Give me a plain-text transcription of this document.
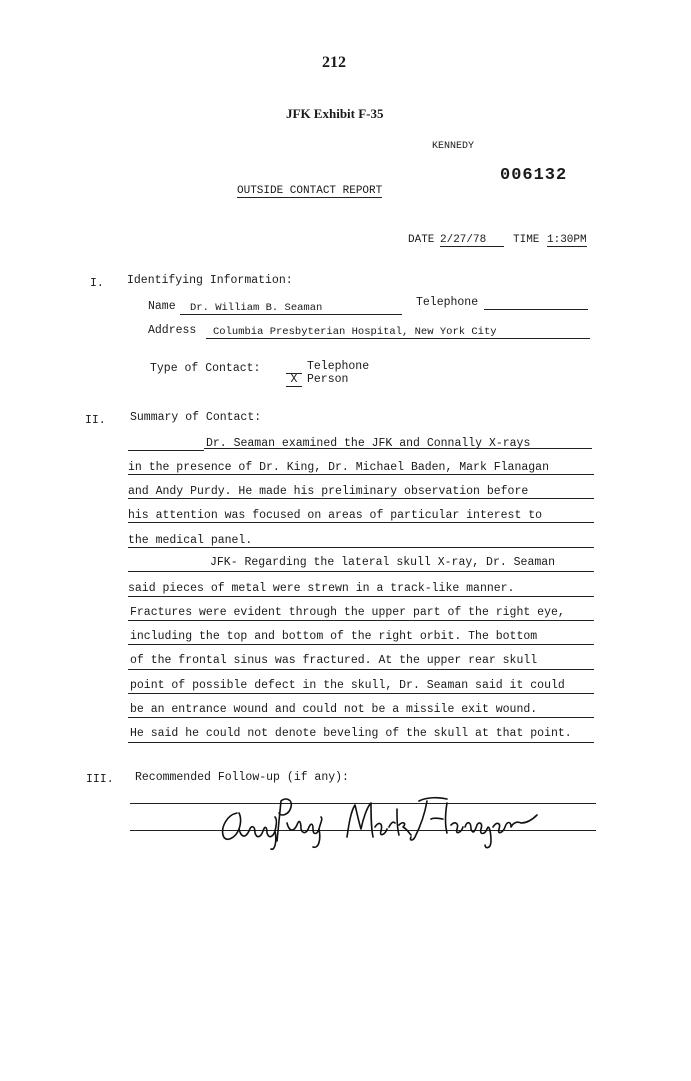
212
JFK Exhibit F-35
KENNEDY
006132
OUTSIDE CONTACT REPORT
DATE 2/27/78	TIME 1:30PM
I. Identifying Information:
Name Dr. William B. Seaman	Telephone
Address Columbia Presbyterian Hospital, New York City
Type of Contact:	Telephone
X Person
II. Summary of Contact:
Dr. Seaman examined the JFK and Connally X-rays
in the presence of Dr. King, Dr. Michael Baden, Mark Flanagan
and Andy Purdy. He made his preliminary observation before
his attention was focused on areas of particular interest to
the medical panel.
JFK- Regarding the lateral skull X-ray, Dr. Seaman
said pieces of metal were strewn in a track-like manner.
Fractures were evident through the upper part of the right eye,
including the top and bottom of the right orbit. The bottom
of the frontal sinus was fractured. At the upper rear skull
point of possible defect in the skull, Dr. Seaman said it could
be an entrance wound and could not be a missile exit wound.
He said he could not denote beveling of the skull at that point.
III. Recommended Follow-up (if any):
